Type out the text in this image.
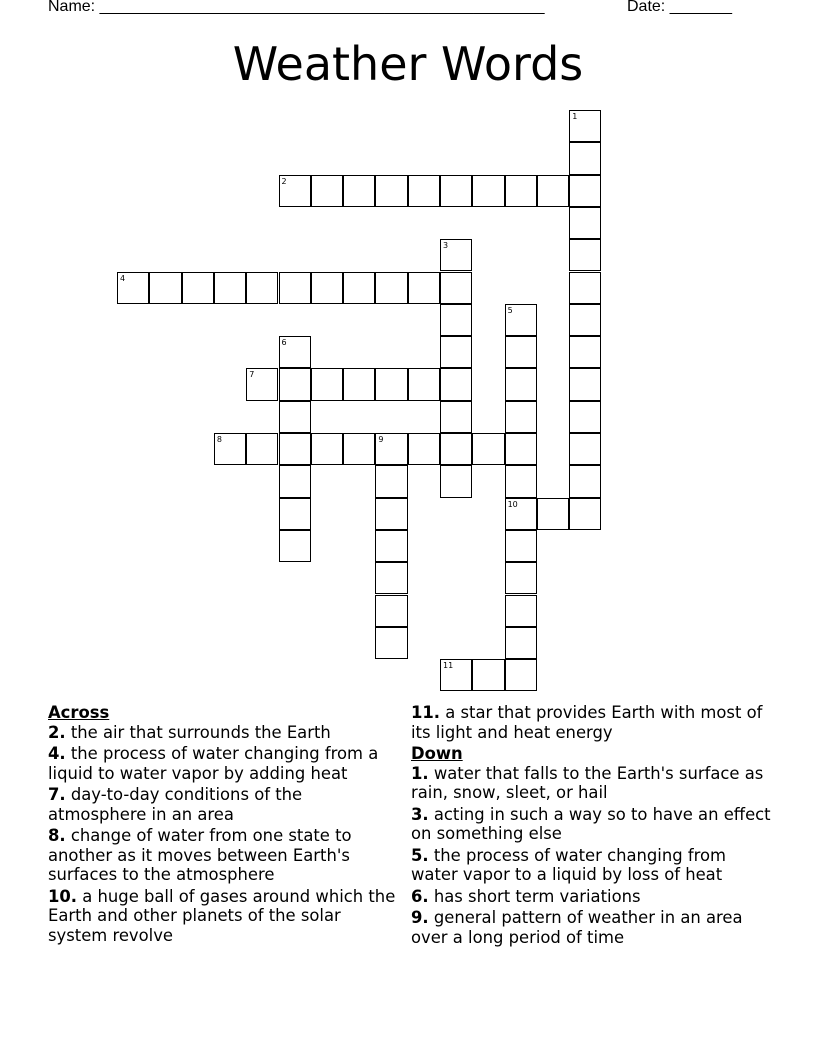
Name: __________________________________________________	Date: _______
Weather Words
1
2
3
4
5
6
7
8	9
10
11
Across
2. the air that surrounds the Earth
4. the process of water changing from a liquid to water vapor by adding heat
7. day-to-day conditions of the atmosphere in an area
8. change of water from one state to another as it moves between Earth's surfaces to the atmosphere
10. a huge ball of gases around which the Earth and other planets of the solar system revolve
11. a star that provides Earth with most of its light and heat energy
Down
1. water that falls to the Earth's surface as rain, snow, sleet, or hail
3. acting in such a way so to have an effect on something else
5. the process of water changing from water vapor to a liquid by loss of heat
6. has short term variations
9. general pattern of weather in an area over a long period of time
